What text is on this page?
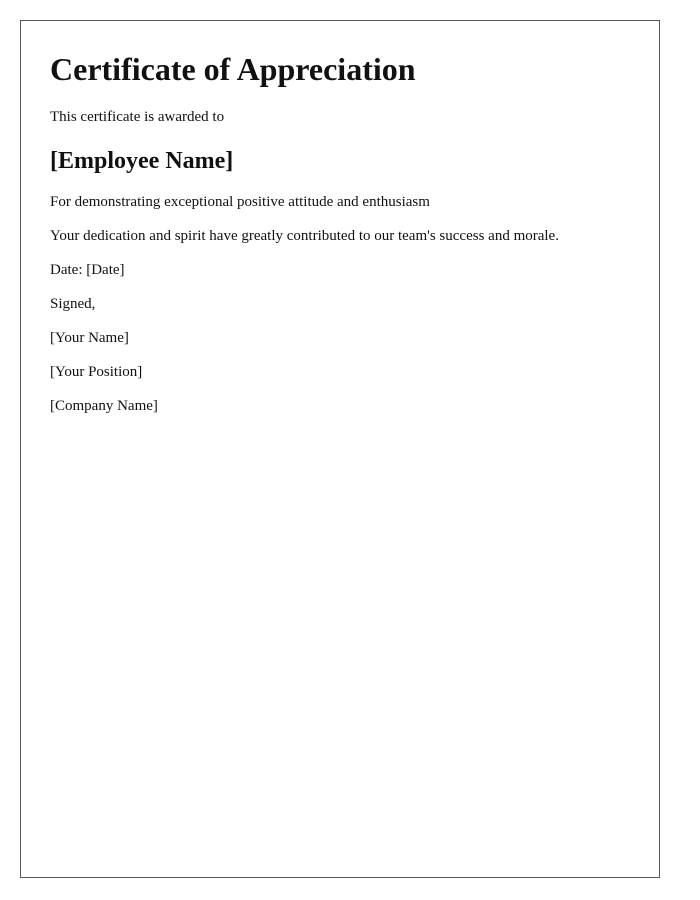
Certificate of Appreciation

This certificate is awarded to

[Employee Name]

For demonstrating exceptional positive attitude and enthusiasm

Your dedication and spirit have greatly contributed to our team's success and morale.

Date: [Date]

Signed,

[Your Name]

[Your Position]

[Company Name]
